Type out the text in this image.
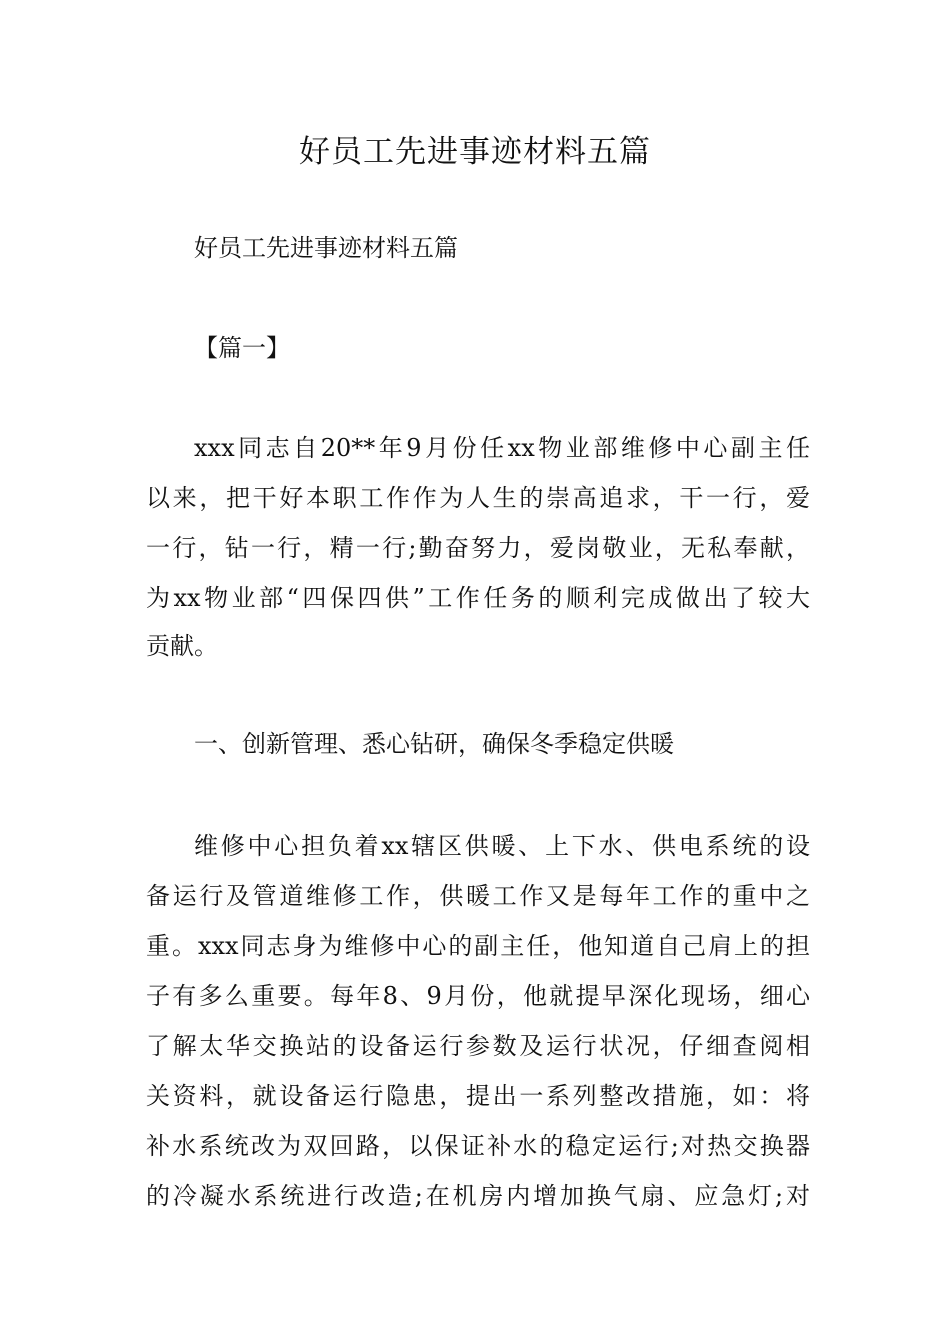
好员工先进事迹材料五篇
好员工先进事迹材料五篇
【篇一】
xxx同志自20**年9月份任xx物业部维修中心副主任
以来，把干好本职工作作为人生的崇高追求，干一行，爱
一行，钻一行，精一行;勤奋努力，爱岗敬业，无私奉献，
为xx物业部“四保四供”工作任务的顺利完成做出了较大
贡献。
一、创新管理、悉心钻研，确保冬季稳定供暖
维修中心担负着xx辖区供暖、上下水、供电系统的设
备运行及管道维修工作，供暖工作又是每年工作的重中之
重。xxx同志身为维修中心的副主任，他知道自己肩上的担
子有多么重要。每年8、9月份，他就提早深化现场，细心
了解太华交换站的设备运行参数及运行状况，仔细查阅相
关资料，就设备运行隐患，提出一系列整改措施，如：将
补水系统改为双回路，以保证补水的稳定运行;对热交换器
的冷凝水系统进行改造;在机房内增加换气扇、应急灯;对
